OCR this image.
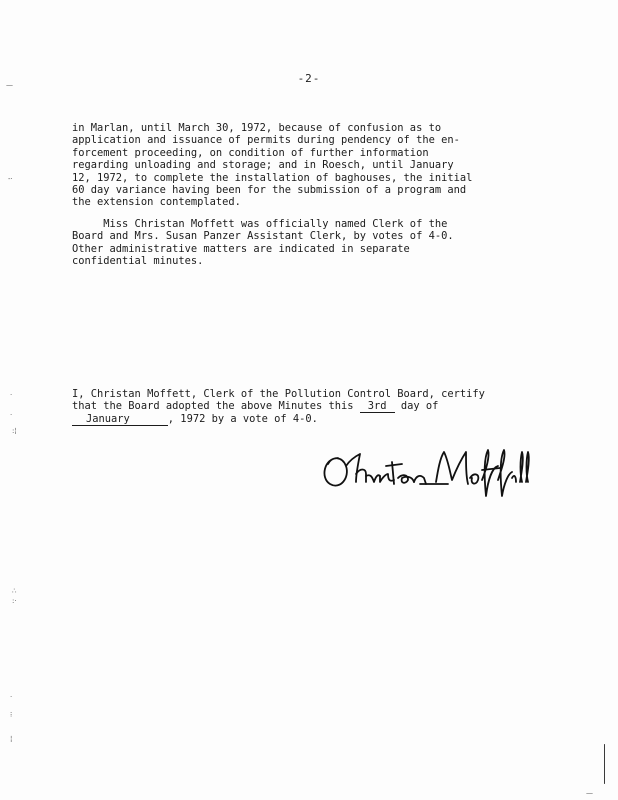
-2-

in Marlan, until March 30, 1972, because of confusion as to
application and issuance of permits during pendency of the en-
forcement proceeding, on condition of further information
regarding unloading and storage; and in Roesch, until January
12, 1972, to complete the installation of baghouses, the initial
60 day variance having been for the submission of a program and
the extension contemplated.

Miss Christan Moffett was officially named Clerk of the
Board and Mrs. Susan Panzer Assistant Clerk, by votes of 4-0.
Other administrative matters are indicated in separate
confidential minutes.

I, Christan Moffett, Clerk of the Pollution Control Board, certify
that the Board adopted the above Minutes this 3rd day of
January	, 1972 by a vote of 4-0.

—
-·
·
·
:¦
∴
:·
·
⁝
¦
—
